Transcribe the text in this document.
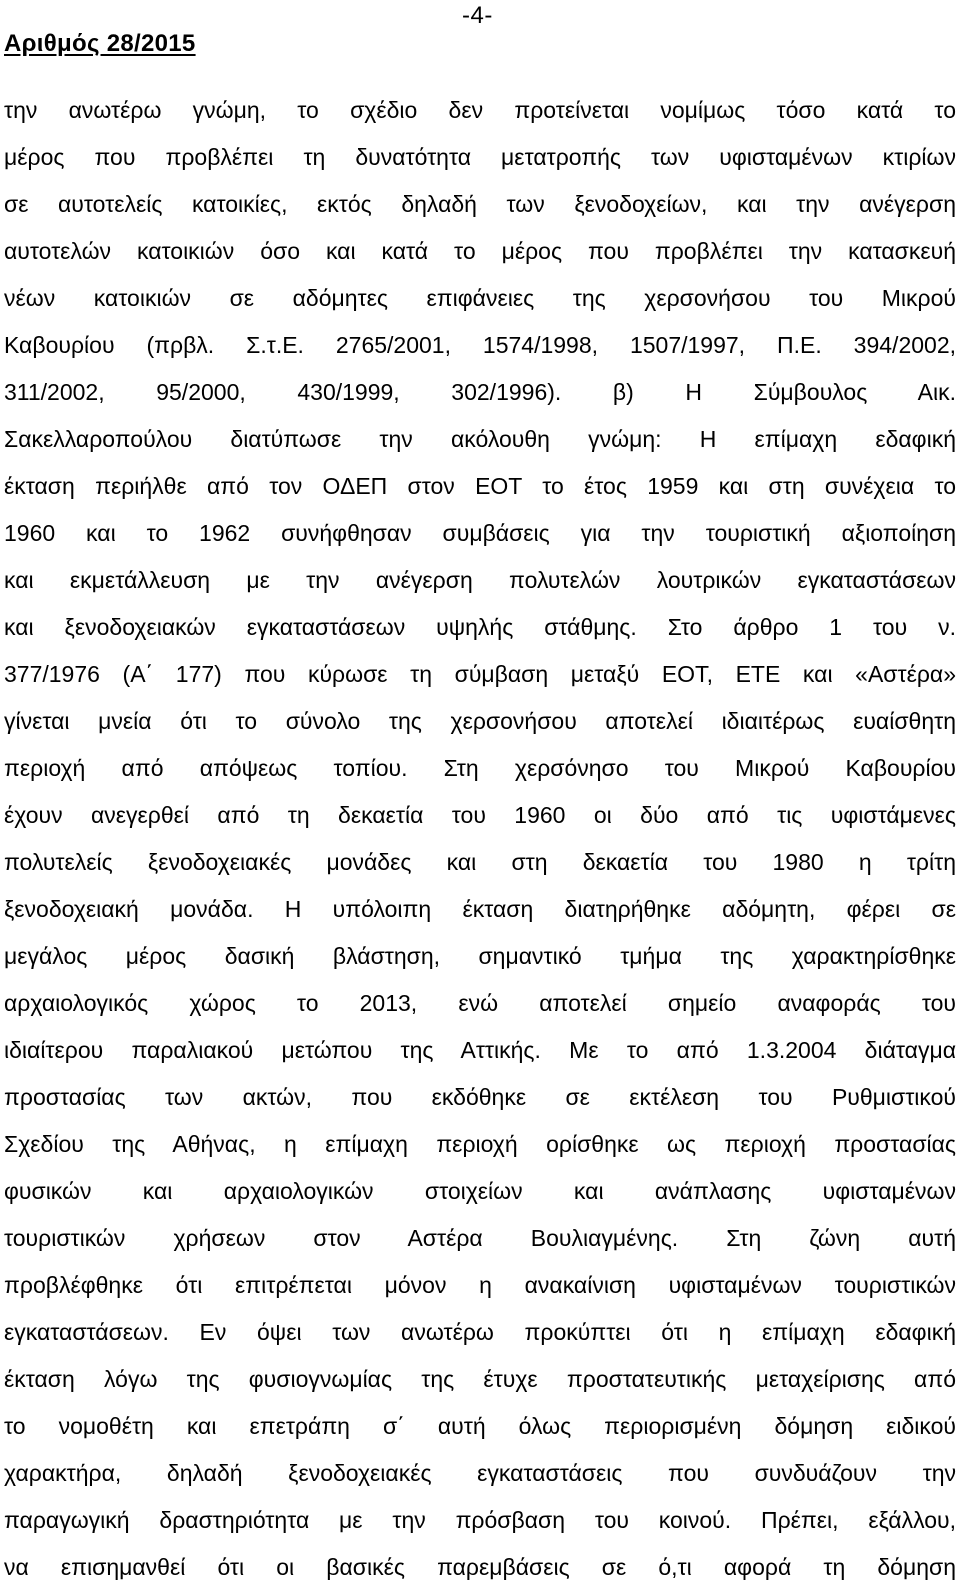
-4-
Αριθμός 28/2015
την ανωτέρω γνώμη, το σχέδιο δεν προτείνεται νομίμως τόσο κατά το
μέρος που προβλέπει τη δυνατότητα μετατροπής των υφισταμένων κτιρίων
σε αυτοτελείς κατοικίες, εκτός δηλαδή των ξενοδοχείων, και την ανέγερση
αυτοτελών κατοικιών όσο και κατά το μέρος που προβλέπει την κατασκευή
νέων κατοικιών σε αδόμητες επιφάνειες της χερσονήσου του Μικρού
Καβουρίου (πρβλ. Σ.τ.Ε. 2765/2001, 1574/1998, 1507/1997, Π.Ε. 394/2002,
311/2002, 95/2000, 430/1999, 302/1996). β) Η Σύμβουλος Αικ.
Σακελλαροπούλου διατύπωσε την ακόλουθη γνώμη: Η επίμαχη εδαφική
έκταση περιήλθε από τον ΟΔΕΠ στον ΕΟΤ το έτος 1959 και στη συνέχεια το
1960 και το 1962 συνήφθησαν συμβάσεις για την τουριστική αξιοποίηση
και εκμετάλλευση με την ανέγερση πολυτελών λουτρικών εγκαταστάσεων
και ξενοδοχειακών εγκαταστάσεων υψηλής στάθμης. Στο άρθρο 1 του ν.
377/1976 (Α΄ 177) που κύρωσε τη σύμβαση μεταξύ ΕΟΤ, ΕΤΕ και «Αστέρα»
γίνεται μνεία ότι το σύνολο της χερσονήσου αποτελεί ιδιαιτέρως ευαίσθητη
περιοχή από απόψεως τοπίου. Στη χερσόνησο του Μικρού Καβουρίου
έχουν ανεγερθεί από τη δεκαετία του 1960 οι δύο από τις υφιστάμενες
πολυτελείς ξενοδοχειακές μονάδες και στη δεκαετία του 1980 η τρίτη
ξενοδοχειακή μονάδα. Η υπόλοιπη έκταση διατηρήθηκε αδόμητη, φέρει σε
μεγάλος μέρος δασική βλάστηση, σημαντικό τμήμα της χαρακτηρίσθηκε
αρχαιολογικός χώρος το 2013, ενώ αποτελεί σημείο αναφοράς του
ιδιαίτερου παραλιακού μετώπου της Αττικής. Με το από 1.3.2004 διάταγμα
προστασίας των ακτών, που εκδόθηκε σε εκτέλεση του Ρυθμιστικού
Σχεδίου της Αθήνας, η επίμαχη περιοχή ορίσθηκε ως περιοχή προστασίας
φυσικών και αρχαιολογικών στοιχείων και ανάπλασης υφισταμένων
τουριστικών χρήσεων στον Αστέρα Βουλιαγμένης. Στη ζώνη αυτή
προβλέφθηκε ότι επιτρέπεται μόνον η ανακαίνιση υφισταμένων τουριστικών
εγκαταστάσεων. Εν όψει των ανωτέρω προκύπτει ότι η επίμαχη εδαφική
έκταση λόγω της φυσιογνωμίας της έτυχε προστατευτικής μεταχείρισης από
το νομοθέτη και επετράπη σ΄ αυτή όλως περιορισμένη δόμηση ειδικού
χαρακτήρα, δηλαδή ξενοδοχειακές εγκαταστάσεις που συνδυάζουν την
παραγωγική δραστηριότητα με την πρόσβαση του κοινού. Πρέπει, εξάλλου,
να επισημανθεί ότι οι βασικές παρεμβάσεις σε ό,τι αφορά τη δόμηση
